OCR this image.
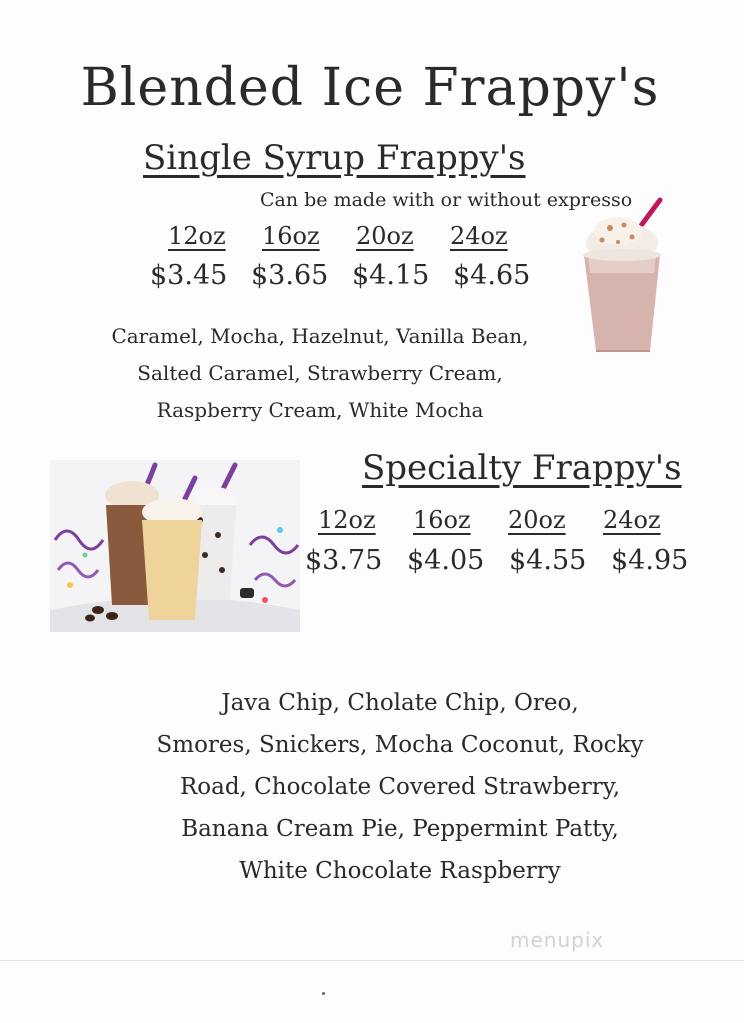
Blended Ice Frappy's
Single Syrup Frappy's
Can be made with or without expresso
12oz	16oz	20oz	24oz
$3.45 $3.65 $4.15 $4.65
Caramel, Mocha, Hazelnut, Vanilla Bean,
Salted Caramel, Strawberry Cream,
Raspberry Cream, White Mocha
Specialty Frappy's
12oz	16oz	20oz	24oz
$3.75 $4.05 $4.55 $4.95
Java Chip, Cholate Chip, Oreo,
Smores, Snickers, Mocha Coconut, Rocky
Road, Chocolate Covered Strawberry,
Banana Cream Pie, Peppermint Patty,
White Chocolate Raspberry
menupix
